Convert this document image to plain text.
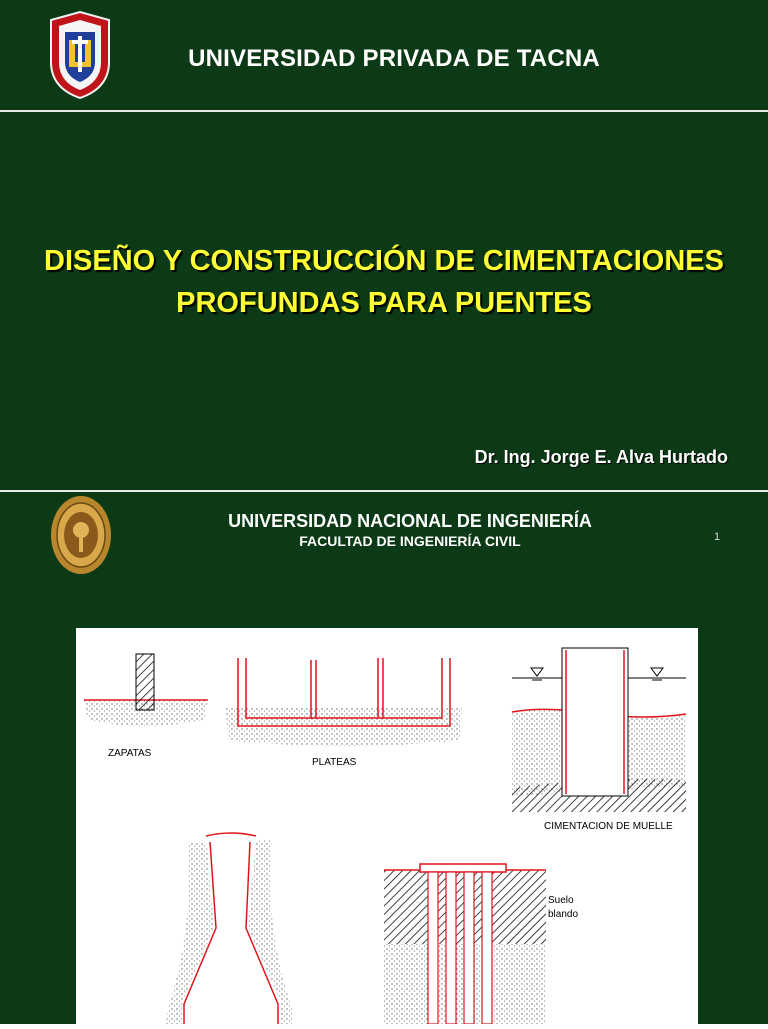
UNIVERSIDAD PRIVADA DE TACNA
DISEÑO Y CONSTRUCCIÓN DE CIMENTACIONES
PROFUNDAS PARA PUENTES
Dr. Ing. Jorge E. Alva Hurtado
UNIVERSIDAD NACIONAL DE INGENIERÍA
FACULTAD DE INGENIERÍA CIVIL	1
ZAPATAS
PLATEAS
CIMENTACION DE MUELLE
Suelo
blando
